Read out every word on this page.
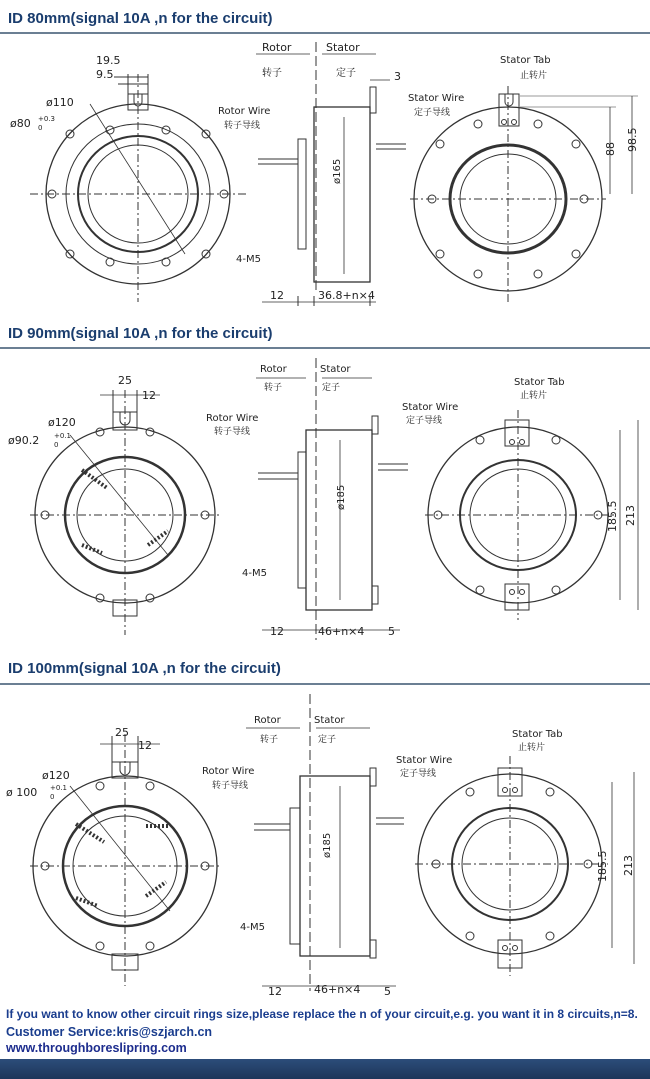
ID 80mm(signal 10A ,n for the circuit)
Rotor
转子
Stator
定子
Rotor Wire
转子导线
Stator Wire
定子导线
Stator Tab
止转片
4-M5
19.5
9.5
ø110
ø80 +0.3
0
3
ø165
12	36.8+n×4
88 98.5
ID 90mm(signal 10A ,n for the circuit)
Rotor
转子
Stator
定子
Rotor Wire
转子导线
Stator Wire
定子导线
Stator Tab
止转片
4-M5
25
12
ø120
ø90.2 +0.1
0
ø185
12	46+n×4 5
185.5 213
ID 100mm(signal 10A ,n for the circuit)
Rotor
转子
Stator
定子
Rotor Wire
转子导线
Stator Wire
定子导线
Stator Tab
止转片
4-M5
25
12
ø120
ø 100 +0.1
0
ø185
12	46+n×4 5
185.5 213
If you want to know other circuit rings size,please replace the n of your circuit,e.g. you want it in 8 circuits,n=8.
Customer Service:kris@szjarch.cn
www.throughboreslipring.com
